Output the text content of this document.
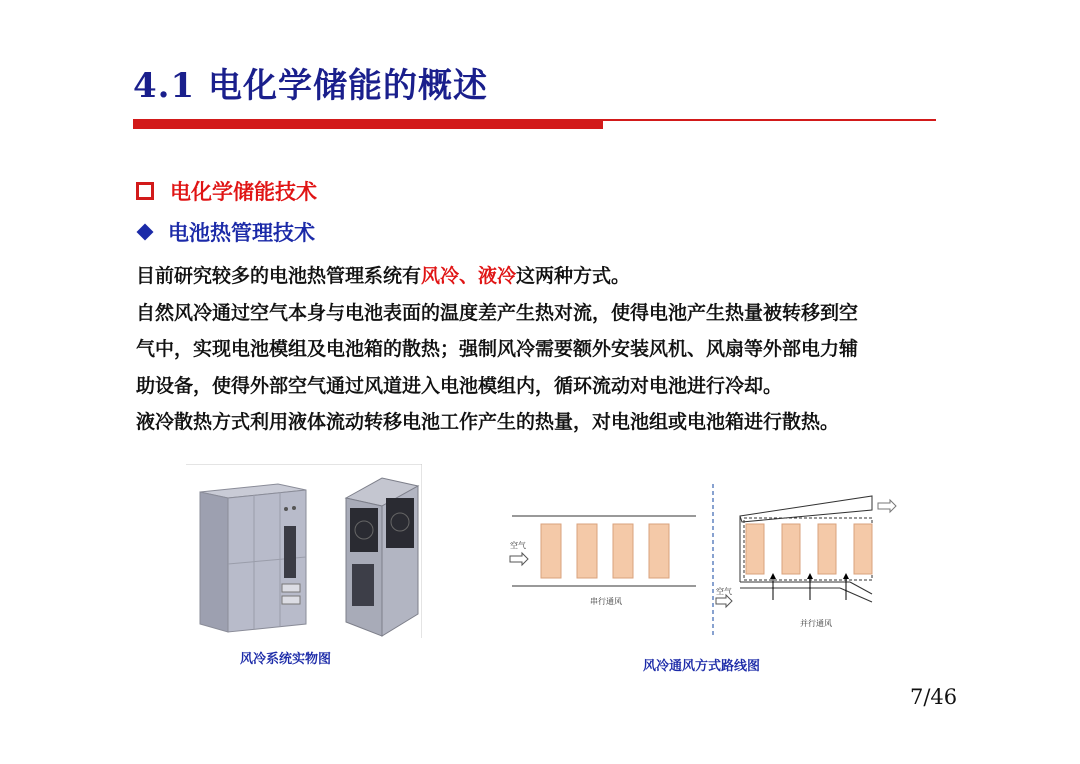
4.1 电化学储能的概述
电化学储能技术
电池热管理技术

目前研究较多的电池热管理系统有风冷、液冷这两种方式。

自然风冷通过空气本身与电池表面的温度差产生热对流，使得电池产生热量被转移到空

气中，实现电池模组及电池箱的散热；强制风冷需要额外安装风机、风扇等外部电力辅

助设备，使得外部空气通过风道进入电池模组内，循环流动对电池进行冷却。

液冷散热方式利用液体流动转移电池工作产生的热量，对电池组或电池箱进行散热。

风冷系统实物图
空气
串行通风
空气
并行通风
风冷通风方式路线图
7/46
